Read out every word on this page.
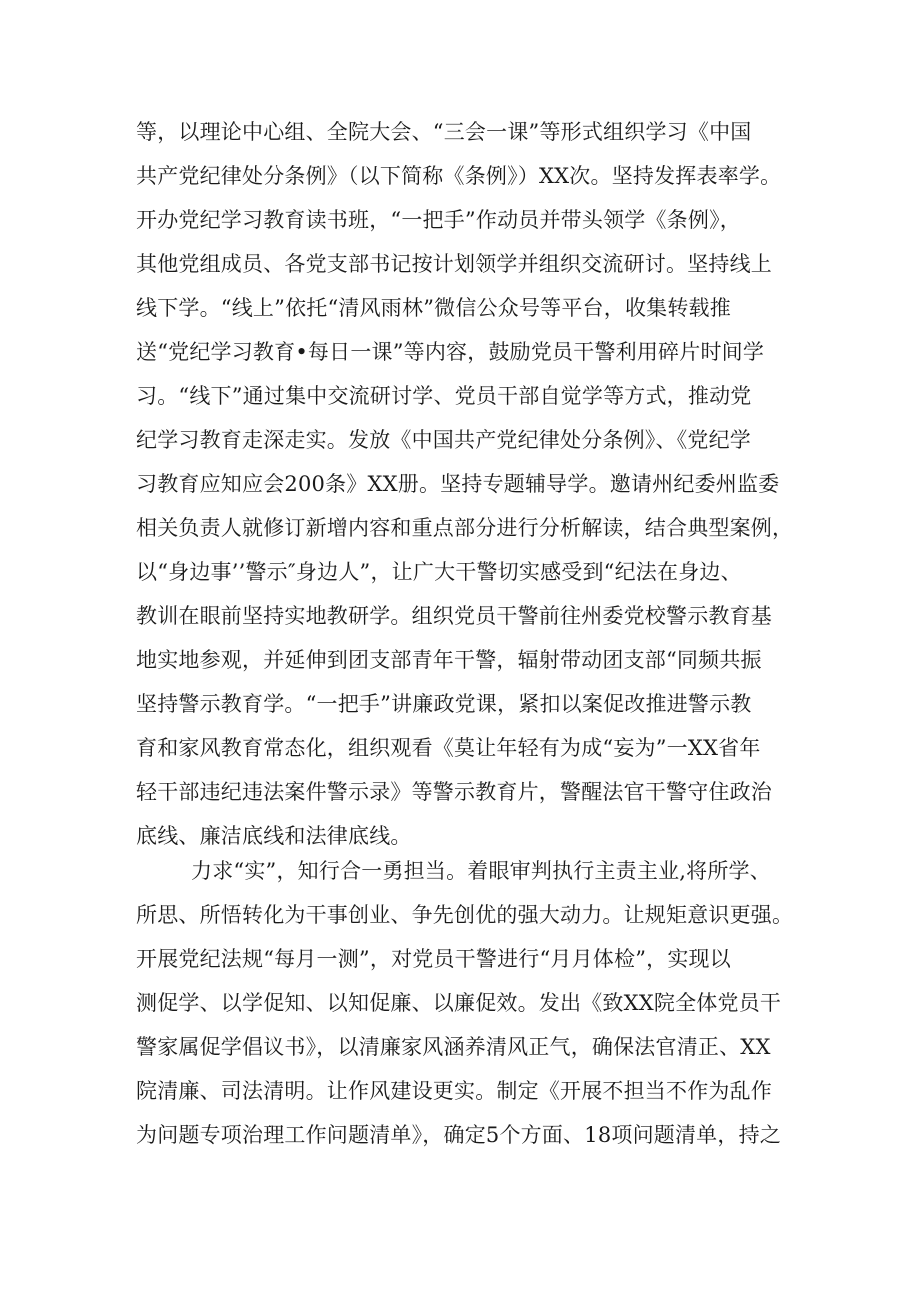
等，以理论中心组、全院大会、“三会一课”等形式组织学习《中国
共产党纪律处分条例》（以下简称《条例》）XX次。坚持发挥表率学。
开办党纪学习教育读书班，“一把手”作动员并带头领学《条例》，
其他党组成员、各党支部书记按计划领学并组织交流研讨。坚持线上
线下学。“线上”依托“清风雨林”微信公众号等平台，收集转载推
送“党纪学习教育•每日一课”等内容，鼓励党员干警利用碎片时间学
习。“线下”通过集中交流研讨学、党员干部自觉学等方式，推动党
纪学习教育走深走实。发放《中国共产党纪律处分条例》、《党纪学
习教育应知应会200条》XX册。坚持专题辅导学。邀请州纪委州监委
相关负责人就修订新增内容和重点部分进行分析解读，结合典型案例，
以“身边事’’警示″身边人”，让广大干警切实感受到“纪法在身边、
教训在眼前坚持实地教研学。组织党员干警前往州委党校警示教育基
地实地参观，并延伸到团支部青年干警，辐射带动团支部“同频共振
坚持警示教育学。“一把手”讲廉政党课，紧扣以案促改推进警示教
育和家风教育常态化，组织观看《莫让年轻有为成“妄为”一XX省年
轻干部违纪违法案件警示录》等警示教育片，警醒法官干警守住政治
底线、廉洁底线和法律底线。
力求“实”，知行合一勇担当。着眼审判执行主责主业,将所学、
所思、所悟转化为干事创业、争先创优的强大动力。让规矩意识更强。
开展党纪法规“每月一测”，对党员干警进行“月月体检”，实现以
测促学、以学促知、以知促廉、以廉促效。发出《致XX院全体党员干
警家属促学倡议书》，以清廉家风涵养清风正气，确保法官清正、XX
院清廉、司法清明。让作风建设更实。制定《开展不担当不作为乱作
为问题专项治理工作问题清单》，确定5个方面、18项问题清单，持之
